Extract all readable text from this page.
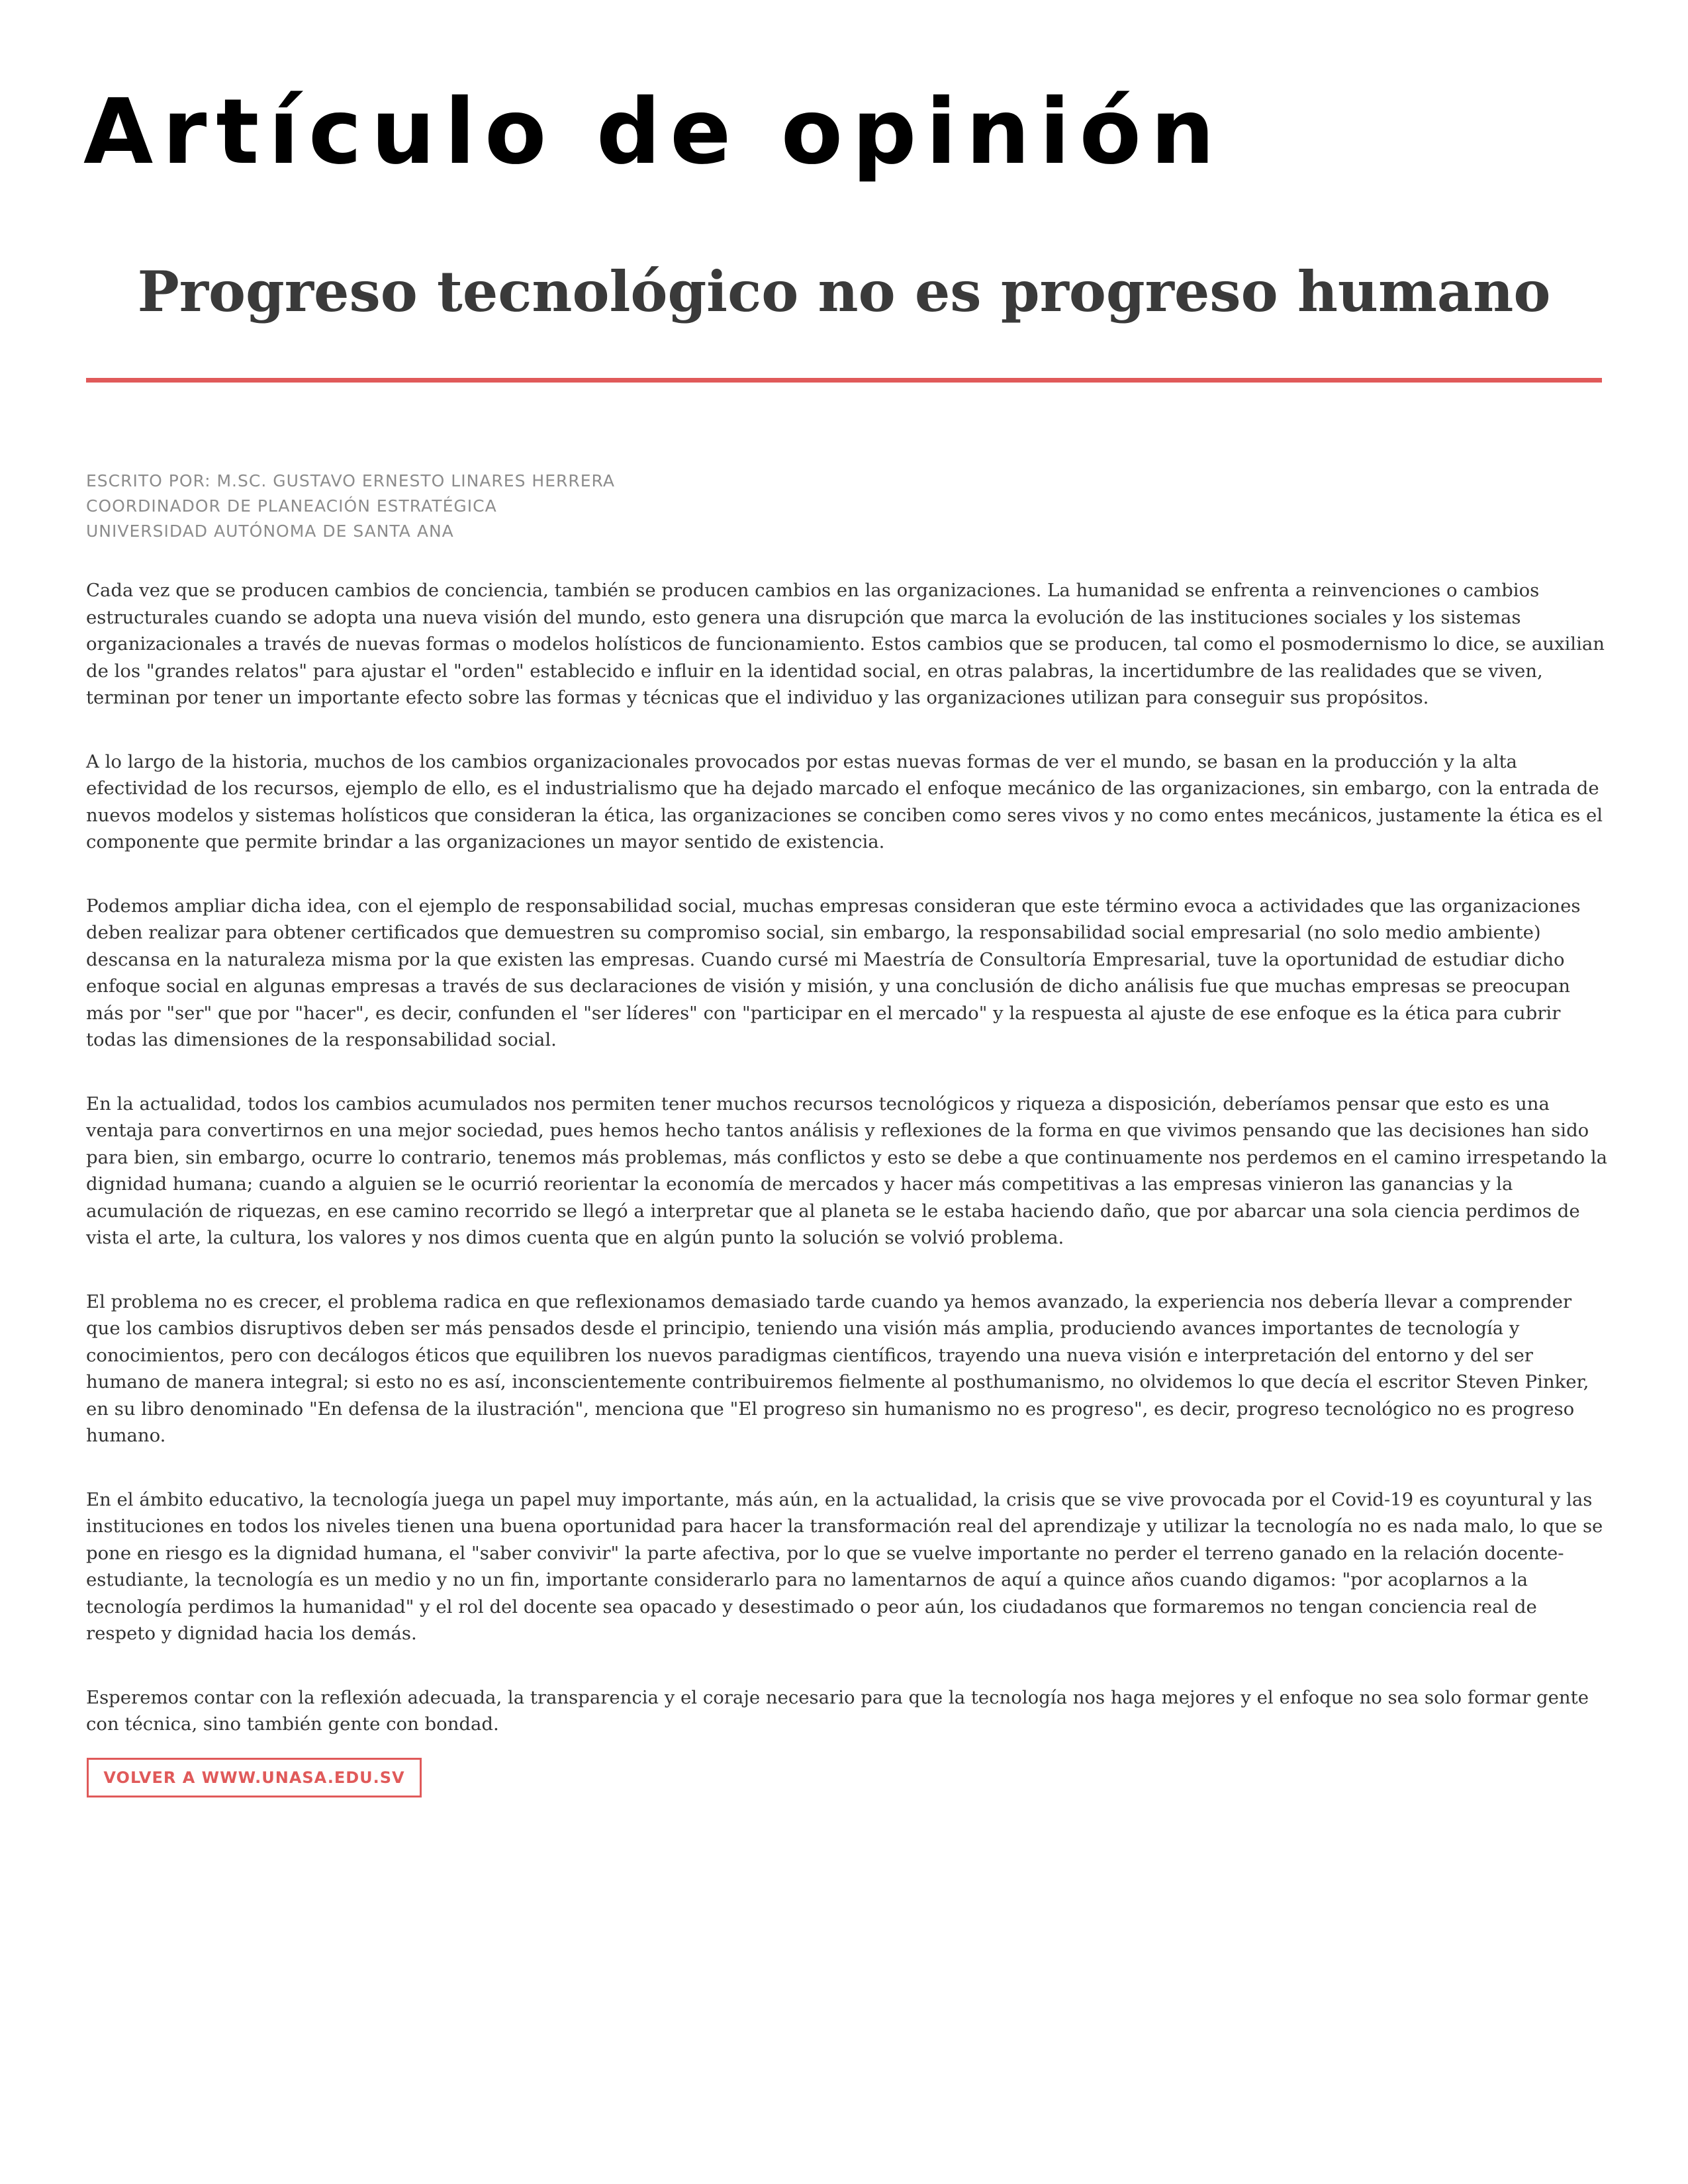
Artículo de opinión
Progreso tecnológico no es progreso humano
ESCRITO POR: M.SC. GUSTAVO ERNESTO LINARES HERRERA
COORDINADOR DE PLANEACIÓN ESTRATÉGICA
UNIVERSIDAD AUTÓNOMA DE SANTA ANA

Cada vez que se producen cambios de conciencia, también se producen cambios en las organizaciones. La humanidad se enfrenta a reinvenciones o cambios estructurales cuando se adopta una nueva visión del mundo, esto genera una disrupción que marca la evolución de las instituciones sociales y los sistemas organizacionales a través de nuevas formas o modelos holísticos de funcionamiento. Estos cambios que se producen, tal como el posmodernismo lo dice, se auxilian de los "grandes relatos" para ajustar el "orden" establecido e influir en la identidad social, en otras palabras, la incertidumbre de las realidades que se viven, terminan por tener un importante efecto sobre las formas y técnicas que el individuo y las organizaciones utilizan para conseguir sus propósitos.

A lo largo de la historia, muchos de los cambios organizacionales provocados por estas nuevas formas de ver el mundo, se basan en la producción y la alta efectividad de los recursos, ejemplo de ello, es el industrialismo que ha dejado marcado el enfoque mecánico de las organizaciones, sin embargo, con la entrada de nuevos modelos y sistemas holísticos que consideran la ética, las organizaciones se conciben como seres vivos y no como entes mecánicos, justamente la ética es el componente que permite brindar a las organizaciones un mayor sentido de existencia.

Podemos ampliar dicha idea, con el ejemplo de responsabilidad social, muchas empresas consideran que este término evoca a actividades que las organizaciones deben realizar para obtener certificados que demuestren su compromiso social, sin embargo, la responsabilidad social empresarial (no solo medio ambiente) descansa en la naturaleza misma por la que existen las empresas. Cuando cursé mi Maestría de Consultoría Empresarial, tuve la oportunidad de estudiar dicho enfoque social en algunas empresas a través de sus declaraciones de visión y misión, y una conclusión de dicho análisis fue que muchas empresas se preocupan más por "ser" que por "hacer", es decir, confunden el "ser líderes" con "participar en el mercado" y la respuesta al ajuste de ese enfoque es la ética para cubrir todas las dimensiones de la responsabilidad social.

En la actualidad, todos los cambios acumulados nos permiten tener muchos recursos tecnológicos y riqueza a disposición, deberíamos pensar que esto es una ventaja para convertirnos en una mejor sociedad, pues hemos hecho tantos análisis y reflexiones de la forma en que vivimos pensando que las decisiones han sido para bien, sin embargo, ocurre lo contrario, tenemos más problemas, más conflictos y esto se debe a que continuamente nos perdemos en el camino irrespetando la dignidad humana; cuando a alguien se le ocurrió reorientar la economía de mercados y hacer más competitivas a las empresas vinieron las ganancias y la acumulación de riquezas, en ese camino recorrido se llegó a interpretar que al planeta se le estaba haciendo daño, que por abarcar una sola ciencia perdimos de vista el arte, la cultura, los valores y nos dimos cuenta que en algún punto la solución se volvió problema.

El problema no es crecer, el problema radica en que reflexionamos demasiado tarde cuando ya hemos avanzado, la experiencia nos debería llevar a comprender que los cambios disruptivos deben ser más pensados desde el principio, teniendo una visión más amplia, produciendo avances importantes de tecnología y conocimientos, pero con decálogos éticos que equilibren los nuevos paradigmas científicos, trayendo una nueva visión e interpretación del entorno y del ser humano de manera integral; si esto no es así, inconscientemente contribuiremos fielmente al posthumanismo, no olvidemos lo que decía el escritor Steven Pinker, en su libro denominado "En defensa de la ilustración", menciona que "El progreso sin humanismo no es progreso", es decir, progreso tecnológico no es progreso humano.

En el ámbito educativo, la tecnología juega un papel muy importante, más aún, en la actualidad, la crisis que se vive provocada por el Covid-19 es coyuntural y las instituciones en todos los niveles tienen una buena oportunidad para hacer la transformación real del aprendizaje y utilizar la tecnología no es nada malo, lo que se pone en riesgo es la dignidad humana, el "saber convivir" la parte afectiva, por lo que se vuelve importante no perder el terreno ganado en la relación docente-estudiante, la tecnología es un medio y no un fin, importante considerarlo para no lamentarnos de aquí a quince años cuando digamos: "por acoplarnos a la tecnología perdimos la humanidad" y el rol del docente sea opacado y desestimado o peor aún, los ciudadanos que formaremos no tengan conciencia real de respeto y dignidad hacia los demás.

Esperemos contar con la reflexión adecuada, la transparencia y el coraje necesario para que la tecnología nos haga mejores y el enfoque no sea solo formar gente con técnica, sino también gente con bondad.

VOLVER A WWW.UNASA.EDU.SV
